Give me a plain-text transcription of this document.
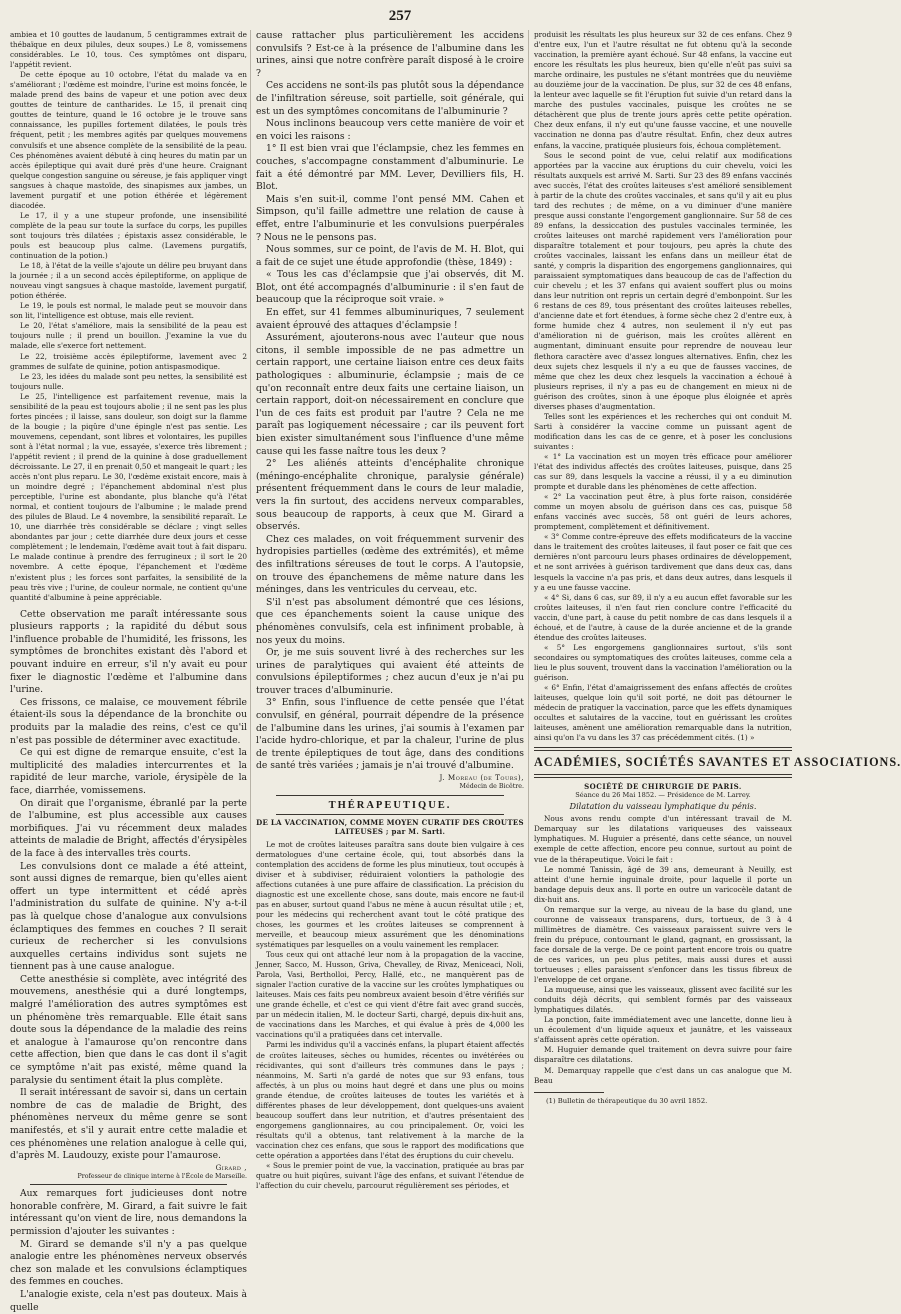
257

ambiea et 10 gouttes de laudanum, 5 centigrammes extrait de thébaïque en deux pilules, deux soupes.) Le 8, vomissemens considérables. Le 10, tous. Ces symptômes ont disparu, l'appétit revient.

De cette époque au 10 octobre, l'état du malade va en s'améliorant ; l'œdème est moindre, l'urine est moins foncée, le malade prend des bains de vapeur et une potion avec deux gouttes de teinture de cantharides. Le 15, il prenait cinq gouttes de teinture, quand le 16 octobre je le trouve sans connaissance, les pupilles fortement dilatées, le pouls très fréquent, petit ; les membres agités par quelques mouvemens convulsifs et une absence complète de la sensibilité de la peau. Ces phénomènes avaient débuté à cinq heures du matin par un accès épileptique qui avait duré près d'une heure. Craignant quelque congestion sanguine ou séreuse, je fais appliquer vingt sangsues à chaque mastoïde, des sinapismes aux jambes, un lavement purgatif et une potion éthérée et légèrement diacodée.

Le 17, il y a une stupeur profonde, une insensibilité complète de la peau sur toute la surface du corps, les pupilles sont toujours très dilatées ; épistaxis assez considérable, le pouls est beaucoup plus calme. (Lavemens purgatifs, continuation de la potion.)

Le 18, à l'état de la veille s'ajoute un délire peu bruyant dans la journée ; il a un second accès épileptiforme, on applique de nouveau vingt sangsues à chaque mastoïde, lavement purgatif, potion éthérée.

Le 19, le pouls est normal, le malade peut se mouvoir dans son lit, l'intelligence est obtuse, mais elle revient.

Le 20, l'état s'améliore, mais la sensibilité de la peau est toujours nulle ; il prend un bouillon. J'examine la vue du malade, elle s'exerce fort nettement.

Le 22, troisième accès épileptiforme, lavement avec 2 grammes de sulfate de quinine, potion antispasmodique.

Le 23, les idées du malade sont peu nettes, la sensibilité est toujours nulle.

Le 25, l'intelligence est parfaitement revenue, mais la sensibilité de la peau est toujours abolie ; il ne sent pas les plus fortes pincées ; il laisse, sans douleur, son doigt sur la flamme de la bougie ; la piqûre d'une épingle n'est pas sentie. Les mouvemens, cependant, sont libres et volontaires, les pupilles sont à l'état normal ; la vue, essayée, s'exerce très librement ; l'appétit revient ; il prend de la quinine à dose graduellement décroissante. Le 27, il en prenait 0,50 et mangeait le quart ; les accès n'ont plus reparu. Le 30, l'œdème existait encore, mais à un moindre degré ; l'épanchement abdominal n'est plus perceptible, l'urine est abondante, plus blanche qu'à l'état normal, et contient toujours de l'albumine ; le malade prend des pilules de Blaud. Le 4 novembre, la sensibilité reparaît. Le 10, une diarrhée très considérable se déclare ; vingt selles abondantes par jour ; cette diarrhée dure deux jours et cesse complètement ; le lendemain, l'œdème avait tout à fait disparu. Le malade continue à prendre des ferrugineux ; il sort le 20 novembre. A cette époque, l'épanchement et l'œdème n'existent plus ; les forces sont parfaites, la sensibilité de la peau très vive ; l'urine, de couleur normale, ne contient qu'une quantité d'albumine à peine appréciable.

Cette observation me paraît intéressante sous plusieurs rapports ; la rapidité du début sous l'influence probable de l'humidité, les frissons, les symptômes de bronchites existant dès l'abord et pouvant induire en erreur, s'il n'y avait eu pour fixer le diagnostic l'œdème et l'albumine dans l'urine.

Ces frissons, ce malaise, ce mouvement fébrile étaient-ils sous la dépendance de la bronchite ou produits par la maladie des reins, c'est ce qu'il n'est pas possible de déterminer avec exactitude.

Ce qui est digne de remarque ensuite, c'est la multiplicité des maladies intercurrentes et la rapidité de leur marche, variole, érysipèle de la face, diarrhée, vomissemens.

On dirait que l'organisme, ébranlé par la perte de l'albumine, est plus accessible aux causes morbifiques. J'ai vu récemment deux malades atteints de maladie de Bright, affectés d'érysipèles de la face à des intervalles très courts.

Les convulsions dont ce malade a été atteint, sont aussi dignes de remarque, bien qu'elles aient offert un type intermittent et cédé après l'administration du sulfate de quinine. N'y a-t-il pas là quelque chose d'analogue aux convulsions éclamptiques des femmes en couches ? Il serait curieux de rechercher si les convulsions auxquelles certains individus sont sujets ne tiennent pas à une cause analogue.

Cette anesthésie si complète, avec intégrité des mouvemens, anesthésie qui a duré longtemps, malgré l'amélioration des autres symptômes est un phénomène très remarquable. Elle était sans doute sous la dépendance de la maladie des reins et analogue à l'amaurose qu'on rencontre dans cette affection, bien que dans le cas dont il s'agit ce symptôme n'ait pas existé, même quand la paralysie du sentiment était la plus complète.

Il serait intéressant de savoir si, dans un certain nombre de cas de maladie de Bright, des phénomènes nerveux du même genre se sont manifestés, et s'il y aurait entre cette maladie et ces phénomènes une relation analogue à celle qui, d'après M. Laudouzy, existe pour l'amaurose.

Girard ,
Professeur de clinique interne à l'École de Marseille.

Aux remarques fort judicieuses dont notre honorable confrère, M. Girard, a fait suivre le fait intéressant qu'on vient de lire, nous demandons la permission d'ajouter les suivantes :

M. Girard se demande s'il n'y a pas quelque analogie entre les phénomènes nerveux observés chez son malade et les convulsions éclamptiques des femmes en couches.

L'analogie existe, cela n'est pas douteux. Mais à quelle

cause rattacher plus particulièrement les accidens convulsifs ? Est-ce à la présence de l'albumine dans les urines, ainsi que notre confrère paraît disposé à le croire ?

Ces accidens ne sont-ils pas plutôt sous la dépendance de l'infiltration séreuse, soit partielle, soit générale, qui est un des symptômes concomitans de l'albuminurie ?

Nous inclinons beaucoup vers cette manière de voir et en voici les raisons :

1° Il est bien vrai que l'éclampsie, chez les femmes en couches, s'accompagne constamment d'albuminurie. Le fait a été démontré par MM. Lever, Devilliers fils, H. Blot.

Mais s'en suit-il, comme l'ont pensé MM. Cahen et Simpson, qu'il faille admettre une relation de cause à effet, entre l'albuminurie et les convulsions puerpérales ? Nous ne le pensons pas.

Nous sommes, sur ce point, de l'avis de M. H. Blot, qui a fait de ce sujet une étude approfondie (thèse, 1849) :

« Tous les cas d'éclampsie que j'ai observés, dit M. Blot, ont été accompagnés d'albuminurie : il s'en faut de beaucoup que la réciproque soit vraie. »

En effet, sur 41 femmes albuminuriques, 7 seulement avaient éprouvé des attaques d'éclampsie !

Assurément, ajouterons-nous avec l'auteur que nous citons, il semble impossible de ne pas admettre un certain rapport, une certaine liaison entre ces deux faits pathologiques : albuminurie, éclampsie ; mais de ce qu'on reconnaît entre deux faits une certaine liaison, un certain rapport, doit-on nécessairement en conclure que l'un de ces faits est produit par l'autre ? Cela ne me paraît pas logiquement nécessaire ; car ils peuvent fort bien exister simultanément sous l'influence d'une même cause qui les fasse naître tous les deux ?

2° Les aliénés atteints d'encéphalite chronique (méningo-encéphalite chronique, paralysie générale) présentent fréquemment dans le cours de leur maladie, vers la fin surtout, des accidens nerveux comparables, sous beaucoup de rapports, à ceux que M. Girard a observés.

Chez ces malades, on voit fréquemment survenir des hydropisies partielles (œdème des extrémités), et même des infiltrations séreuses de tout le corps. A l'autopsie, on trouve des épanchemens de même nature dans les méninges, dans les ventricules du cerveau, etc.

S'il n'est pas absolument démontré que ces lésions, que ces épanchements soient la cause unique des phénomènes convulsifs, cela est infiniment probable, à nos yeux du moins.

Or, je me suis souvent livré à des recherches sur les urines de paralytiques qui avaient été atteints de convulsions épileptiformes ; chez aucun d'eux je n'ai pu trouver traces d'albuminurie.

3° Enfin, sous l'influence de cette pensée que l'état convulsif, en général, pourrait dépendre de la présence de l'albumine dans les urines, j'ai soumis à l'examen par l'acide hydro-chlorique, et par la chaleur, l'urine de plus de trente épileptiques de tout âge, dans des conditions de santé très variées ; jamais je n'ai trouvé d'albumine.

J. Moreau (de Tours),
Médecin de Bicêtre.
THÉRAPEUTIQUE.
DE LA VACCINATION, COMME MOYEN CURATIF DES CROUTES LAITEUSES ; par M. Sarti.

Le mot de croûtes laiteuses paraîtra sans doute bien vulgaire à ces dermatologues d'une certaine école, qui, tout absorbés dans la contemplation des accidens de forme les plus minutieux, tout occupés à diviser et à subdiviser, réduiraient volontiers la pathologie des affections cutanées à une pure affaire de classification. La précision du diagnostic est une excellente chose, sans doute, mais encore ne faut-il pas en abuser, surtout quand l'abus ne mène à aucun résultat utile ; et, pour les médecins qui recherchent avant tout le côté pratique des choses, les gourmes et les croûtes laiteuses se comprennent à merveille, et beaucoup mieux assurément que les dénominations systématiques par lesquelles on a voulu vainement les remplacer.

Tous ceux qui ont attaché leur nom à la propagation de la vaccine, Jenner, Sacco, M. Husson, Griva, Chevalley, de Rivaz, Meniceaci, Noli, Parola, Vasi, Bertholloi, Percy, Hallé, etc., ne manquèrent pas de signaler l'action curative de la vaccine sur les croûtes lymphatiques ou laiteuses. Mais ces faits peu nombreux avaient besoin d'être vérifiés sur une grande échelle, et c'est ce qui vient d'être fait avec grand succès, par un médecin italien, M. le docteur Sarti, chargé, depuis dix-huit ans, de vaccinations dans les Marches, et qui évalue à près de 4,000 les vaccinations qu'il a pratiquées dans cet intervalle.

Parmi les individus qu'il a vaccinés enfans, la plupart étaient affectés de croûtes laiteuses, sèches ou humides, récentes ou invétérées ou récidivantes, qui sont d'ailleurs très communes dans le pays ; néanmoins, M. Sarti n'a gardé de notes que sur 93 enfans, tous affectés, à un plus ou moins haut degré et dans une plus ou moins grande étendue, de croûtes laiteuses de toutes les variétés et à différentes phases de leur développement, dont quelques-uns avaient beaucoup souffert dans leur nutrition, et d'autres présentaient des engorgemens ganglionnaires, au cou principalement. Or, voici les résultats qu'il a obtenus, tant relativement à la marche de la vaccination chez ces enfans, que sous le rapport des modifications que cette opération a apportées dans l'état des éruptions du cuir chevelu.

« Sous le premier point de vue, la vaccination, pratiquée au bras par quatre ou huit piqûres, suivant l'âge des enfans, et suivant l'étendue de l'affection du cuir chevelu, parcourut régulièrement ses périodes, et

produisit les résultats les plus heureux sur 32 de ces enfans. Chez 9 d'entre eux, l'un et l'autre résultat ne fut obtenu qu'à la seconde vaccination, la première ayant échoué. Sur 48 enfans, la vaccine eut encore les résultats les plus heureux, bien qu'elle n'eût pas suivi sa marche ordinaire, les pustules ne s'étant montrées que du neuvième au douzième jour de la vaccination. De plus, sur 32 de ces 48 enfans, la lenteur avec laquelle se fit l'éruption fut suivie d'un retard dans la marche des pustules vaccinales, puisque les croûtes ne se détachèrent que plus de trente jours après cette petite opération. Chez deux enfans, il n'y eut qu'une fausse vaccine, et une nouvelle vaccination ne donna pas d'autre résultat. Enfin, chez deux autres enfans, la vaccine, pratiquée plusieurs fois, échoua complètement.

Sous le second point de vue, celui relatif aux modifications apportées par la vaccine aux éruptions du cuir chevelu, voici les résultats auxquels est arrivé M. Sarti. Sur 23 des 89 enfans vaccinés avec succès, l'état des croûtes laiteuses s'est amélioré sensiblement à partir de la chute des croûtes vaccinales, et sans qu'il y ait eu plus tard des rechutes ; de même, on a vu diminuer d'une manière presque aussi constante l'engorgement ganglionnaire. Sur 58 de ces 89 enfans, la dessiccation des pustules vaccinales terminée, les croûtes laiteuses ont marché rapidement vers l'amélioration pour disparaître totalement et pour toujours, peu après la chute des croûtes vaccinales, laissant les enfans dans un meilleur état de santé, y compris la disparition des engorgemens ganglionnaires, qui paraissaient symptomatiques dans beaucoup de cas de l'affection du cuir chevelu ; et les 37 enfans qui avaient souffert plus ou moins dans leur nutrition ont repris un certain degré d'embonpoint. Sur les 6 restans de ces 89, tous présentant des croûtes laiteuses rebelles, d'ancienne date et fort étendues, à forme sèche chez 2 d'entre eux, à forme humide chez 4 autres, non seulement il n'y eut pas d'amélioration ni de guérison, mais les croûtes allèrent en augmentant, diminuant ensuite pour reprendre de nouveau leur flethora caractère avec d'assez longues alternatives. Enfin, chez les deux sujets chez lesquels il n'y a eu que de fausses vaccines, de même que chez les deux chez lesquels la vaccination a échoué à plusieurs reprises, il n'y a pas eu de changement en mieux ni de guérison des croûtes, sinon à une époque plus éloignée et après diverses phases d'augmentation.

Telles sont les expériences et les recherches qui ont conduit M. Sarti à considérer la vaccine comme un puissant agent de modification dans les cas de ce genre, et à poser les conclusions suivantes :

« 1° La vaccination est un moyen très efficace pour améliorer l'état des individus affectés des croûtes laiteuses, puisque, dans 25 cas sur 89, dans lesquels la vaccine a réussi, il y a eu diminution prompte et durable dans les phénomènes de cette affection.

« 2° La vaccination peut être, à plus forte raison, considérée comme un moyen absolu de guérison dans ces cas, puisque 58 enfans vaccinés avec succès, 58 ont guéri de leurs achores, promptement, complètement et définitivement.

« 3° Comme contre-épreuve des effets modificateurs de la vaccine dans le traitement des croûtes laiteuses, il faut poser ce fait que ces dernières n'ont parcouru leurs phases ordinaires de développement, et ne sont arrivées à guérison tardivement que dans deux cas, dans lesquels la vaccine n'a pas pris, et dans deux autres, dans lesquels il y a eu une fausse vaccine.

« 4° Si, dans 6 cas, sur 89, il n'y a eu aucun effet favorable sur les croûtes laiteuses, il n'en faut rien conclure contre l'efficacité du vaccin, d'une part, à cause du petit nombre de cas dans lesquels il a échoué, et de l'autre, à cause de la durée ancienne et de la grande étendue des croûtes laiteuses.

« 5° Les engorgemens ganglionnaires surtout, s'ils sont secondaires ou symptomatiques des croûtes laiteuses, comme cela a lieu le plus souvent, trouvent dans la vaccination l'amélioration ou la guérison.

« 6° Enfin, l'état d'amaigrissement des enfans affectés de croûtes laiteuses, quelque loin qu'il soit porté, ne doit pas détourner le médecin de pratiquer la vaccination, parce que les effets dynamiques occultes et salutaires de la vaccine, tout en guérissant les croûtes laiteuses, amènent une amélioration remarquable dans la nutrition, ainsi qu'on l'a vu dans les 37 cas précédemment cités. (1) »

ACADÉMIES, SOCIÉTÉS SAVANTES ET ASSOCIATIONS.
SOCIÉTÉ DE CHIRURGIE DE PARIS.
Séance du 26 Mai 1852. — Présidence de M. Larrey.
Dilatation du vaisseau lymphatique du pénis.

Nous avons rendu compte d'un intéressant travail de M. Demarquay sur les dilatations variqueuses des vaisseaux lymphatiques. M. Huguier a présenté, dans cette séance, un nouvel exemple de cette affection, encore peu connue, surtout au point de vue de la thérapeutique. Voici le fait :

Le nommé Tanissin, âgé de 39 ans, demeurant à Neuilly, est atteint d'une hernie inguinale droite, pour laquelle il porte un bandage depuis deux ans. Il porte en outre un varicocèle datant de dix-huit ans.

On remarque sur la verge, au niveau de la base du gland, une couronne de vaisseaux transparens, durs, tortueux, de 3 à 4 millimètres de diamètre. Ces vaisseaux paraissent suivre vers le frein du prépuce, contournant le gland, gagnant, en grossissant, la face dorsale de la verge. De ce point partent encore trois ou quatre de ces varices, un peu plus petites, mais aussi dures et aussi tortueuses ; elles paraissent s'enfoncer dans les tissus fibreux de l'enveloppe de cet organe.

La muqueuse, ainsi que les vaisseaux, glissent avec facilité sur les conduits déjà décrits, qui semblent formés par des vaisseaux lymphatiques dilatés.

La ponction, faite immédiatement avec une lancette, donne lieu à un écoulement d'un liquide aqueux et jaunâtre, et les vaisseaux s'affaissent après cette opération.

M. Huguier demande quel traitement on devra suivre pour faire disparaître ces dilatations.

M. Demarquay rappelle que c'est dans un cas analogue que M. Beau

(1) Bulletin de thérapeutique du 30 avril 1852.
